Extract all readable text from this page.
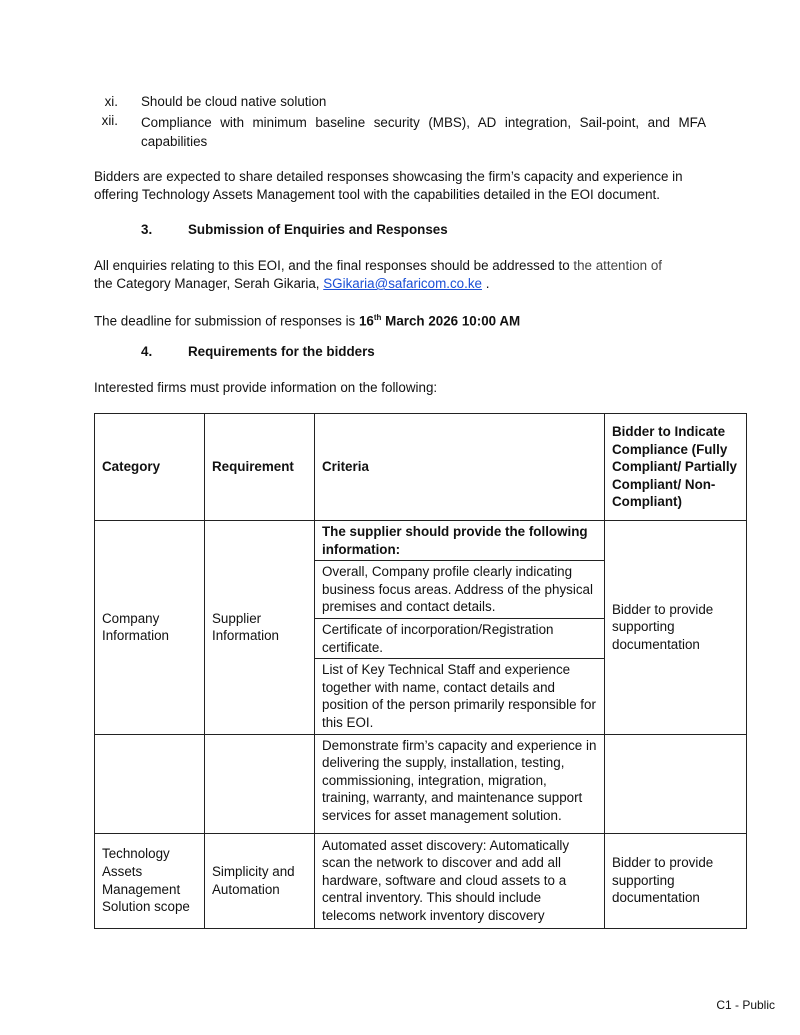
xi. Should be cloud native solution
xii. Compliance with minimum baseline security (MBS), AD integration, Sail-point, and MFA capabilities
Bidders are expected to share detailed responses showcasing the firm’s capacity and experience in offering Technology Assets Management tool with the capabilities detailed in the EOI document.
3.	Submission of Enquiries and Responses
All enquiries relating to this EOI, and the final responses should be addressed to the attention of
the Category Manager, Serah Gikaria, SGikaria@safaricom.co.ke .
The deadline for submission of responses is 16th March 2026 10:00 AM
4.	Requirements for the bidders
Interested firms must provide information on the following:
Category	Requirement	Criteria	Bidder to Indicate Compliance (Fully Compliant/ Partially Compliant/ Non-Compliant)
Company Information	Supplier Information	The supplier should provide the following information:	Bidder to provide supporting documentation
		Overall, Company profile clearly indicating business focus areas. Address of the physical premises and contact details.	
		Certificate of incorporation/Registration certificate.	
		List of Key Technical Staff and experience together with name, contact details and position of the person primarily responsible for this EOI.	
		Demonstrate firm’s capacity and experience in delivering the supply, installation, testing, commissioning, integration, migration, training, warranty, and maintenance support services for asset management solution.	
Technology Assets Management Solution scope	Simplicity and Automation	Automated asset discovery: Automatically scan the network to discover and add all hardware, software and cloud assets to a central inventory. This should include telecoms network inventory discovery	Bidder to provide supporting documentation
C1 - Public
